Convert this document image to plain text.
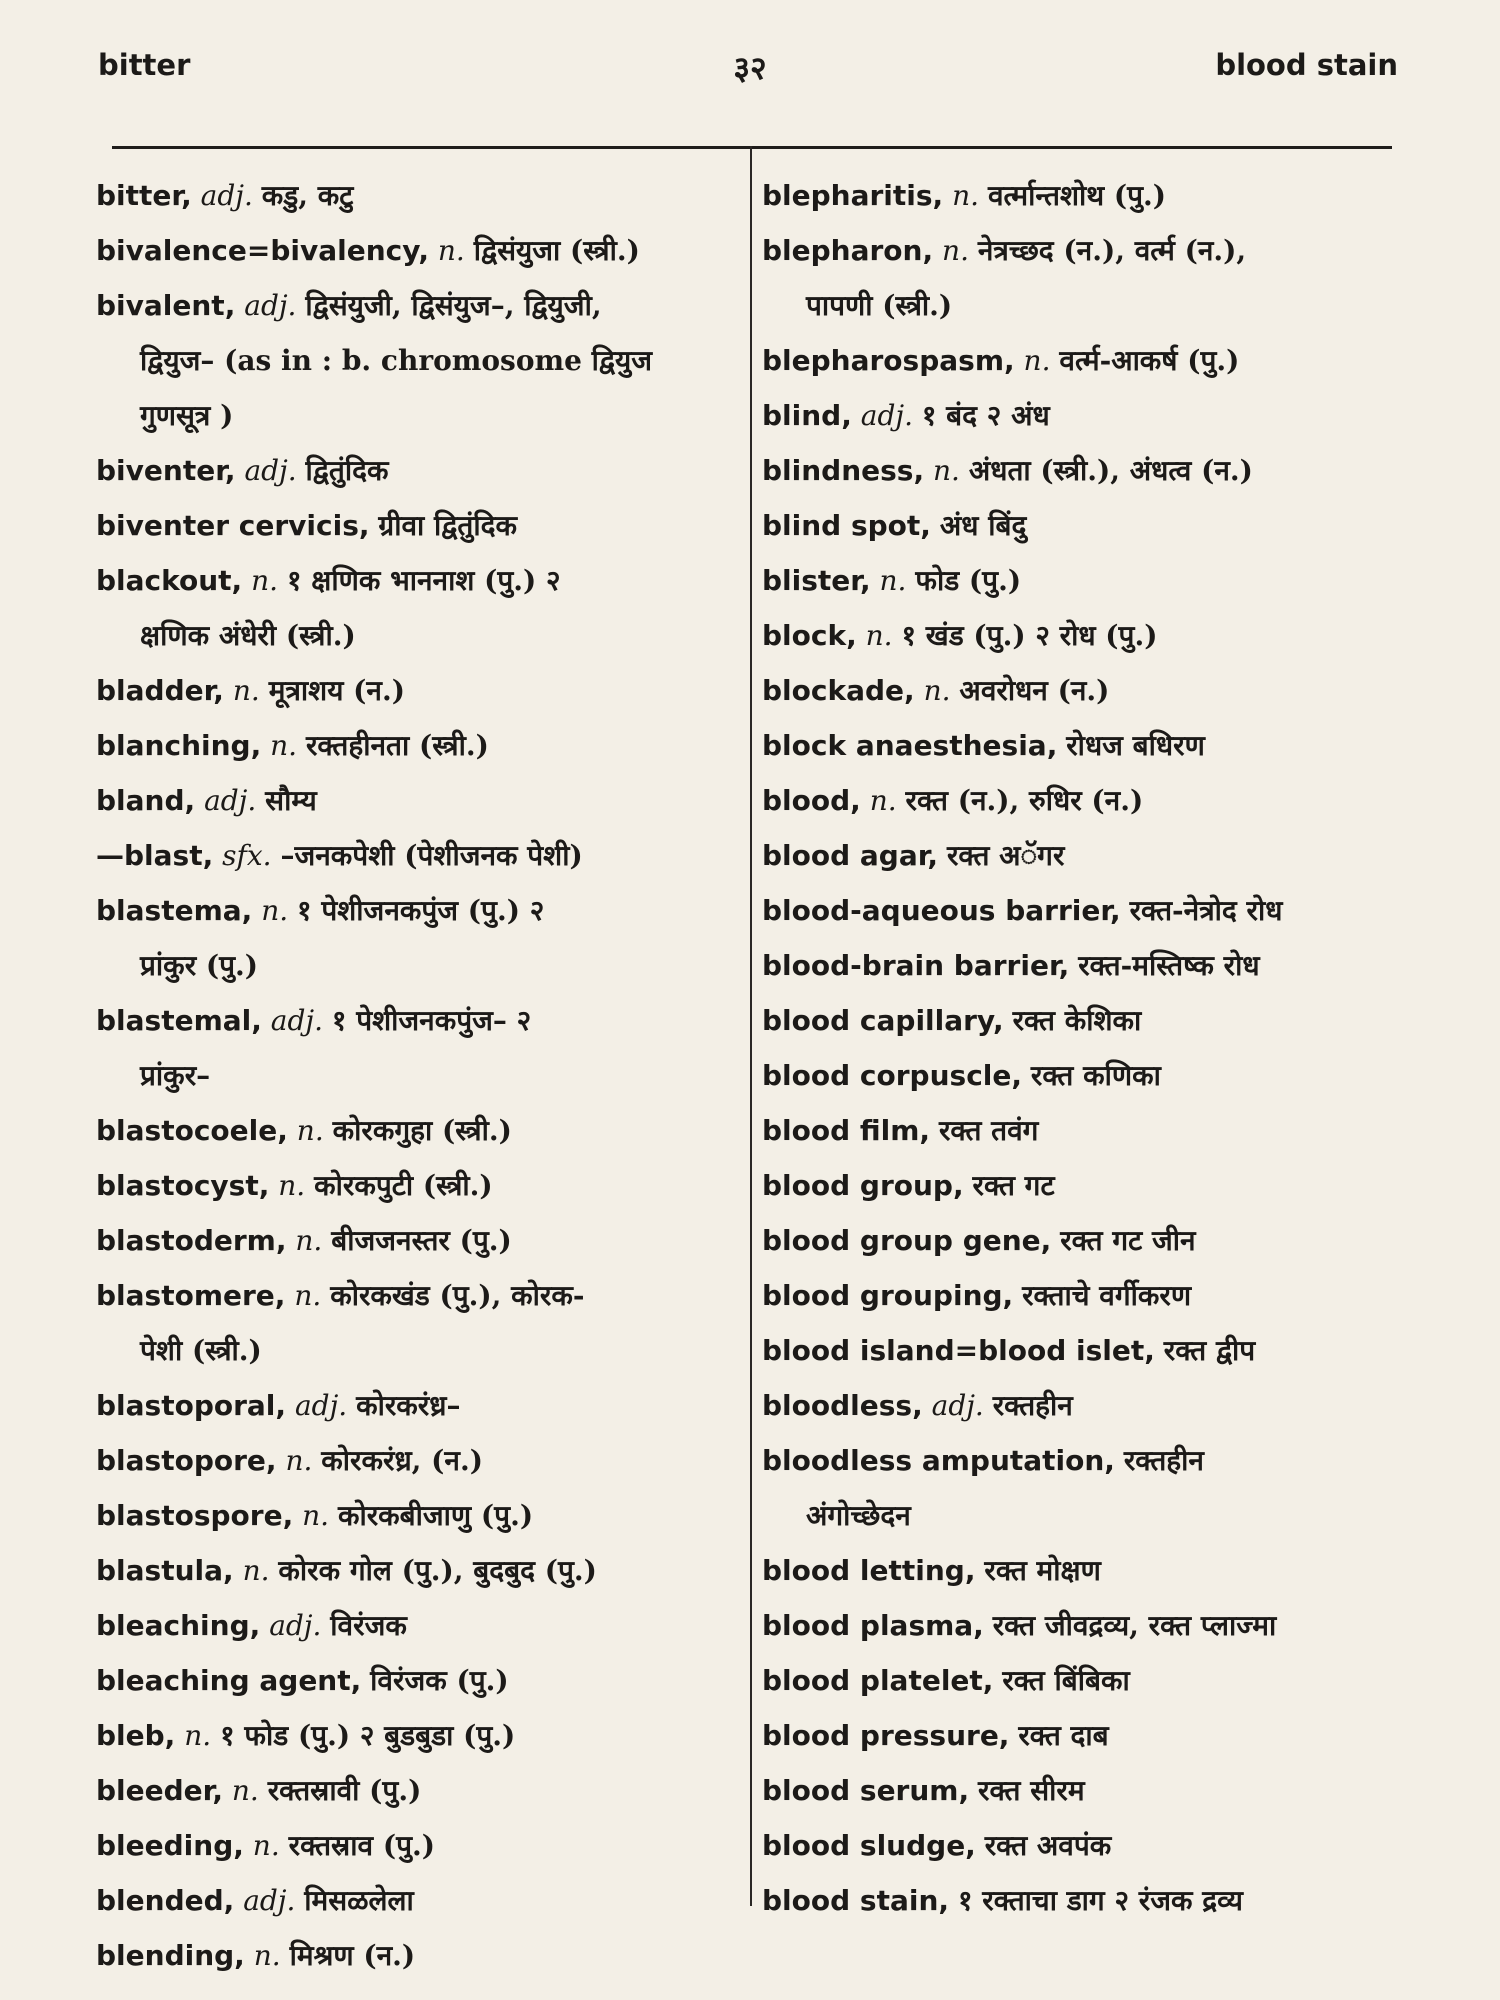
bitter	३२	blood stain

bitter, adj. कडु, कटु

bivalence=bivalency, n. द्विसंयुजा (स्त्री.)

bivalent, adj. द्विसंयुजी, द्विसंयुज–, द्वियुजी,

द्वियुज– (as in : b. chromosome द्वियुज

गुणसूत्र )

biventer, adj. द्वितुंदिक

biventer cervicis, ग्रीवा द्वितुंदिक

blackout, n. १ क्षणिक भाननाश (पु.) २

क्षणिक अंधेरी (स्त्री.)

bladder, n. मूत्राशय (न.)

blanching, n. रक्तहीनता (स्त्री.)

bland, adj. सौम्य

—blast, sfx. –जनकपेशी (पेशीजनक पेशी)

blastema, n. १ पेशीजनकपुंज (पु.) २

प्रांकुर (पु.)

blastemal, adj. १ पेशीजनकपुंज– २

प्रांकुर–

blastocoele, n. कोरकगुहा (स्त्री.)

blastocyst, n. कोरकपुटी (स्त्री.)

blastoderm, n. बीजजनस्तर (पु.)

blastomere, n. कोरकखंड (पु.), कोरक-

पेशी (स्त्री.)

blastoporal, adj. कोरकरंध्र–

blastopore, n. कोरकरंध्र, (न.)

blastospore, n. कोरकबीजाणु (पु.)

blastula, n. कोरक गोल (पु.), बुदबुद (पु.)

bleaching, adj. विरंजक

bleaching agent, विरंजक (पु.)

bleb, n. १ फोड (पु.) २ बुडबुडा (पु.)

bleeder, n. रक्तस्रावी (पु.)

bleeding, n. रक्तस्राव (पु.)

blended, adj. मिसळलेला

blending, n. मिश्रण (न.)

blepharitis, n. वर्त्मान्तशोथ (पु.)

blepharon, n. नेत्रच्छद (न.), वर्त्म (न.),

पापणी (स्त्री.)

blepharospasm, n. वर्त्म-आकर्ष (पु.)

blind, adj. १ बंद २ अंध

blindness, n. अंधता (स्त्री.), अंधत्व (न.)

blind spot, अंध बिंदु

blister, n. फोड (पु.)

block, n. १ खंड (पु.) २ रोध (पु.)

blockade, n. अवरोधन (न.)

block anaesthesia, रोधज बधिरण

blood, n. रक्त (न.), रुधिर (न.)

blood agar, रक्त अॅगर

blood-aqueous barrier, रक्त-नेत्रोद रोध

blood-brain barrier, रक्त-मस्तिष्क रोध

blood capillary, रक्त केशिका

blood corpuscle, रक्त कणिका

blood film, रक्त तवंग

blood group, रक्त गट

blood group gene, रक्त गट जीन

blood grouping, रक्ताचे वर्गीकरण

blood island=blood islet, रक्त द्वीप

bloodless, adj. रक्तहीन

bloodless amputation, रक्तहीन

अंगोच्छेदन

blood letting, रक्त मोक्षण

blood plasma, रक्त जीवद्रव्य, रक्त प्लाज्मा

blood platelet, रक्त बिंबिका

blood pressure, रक्त दाब

blood serum, रक्त सीरम

blood sludge, रक्त अवपंक

blood stain, १ रक्ताचा डाग २ रंजक द्रव्य
